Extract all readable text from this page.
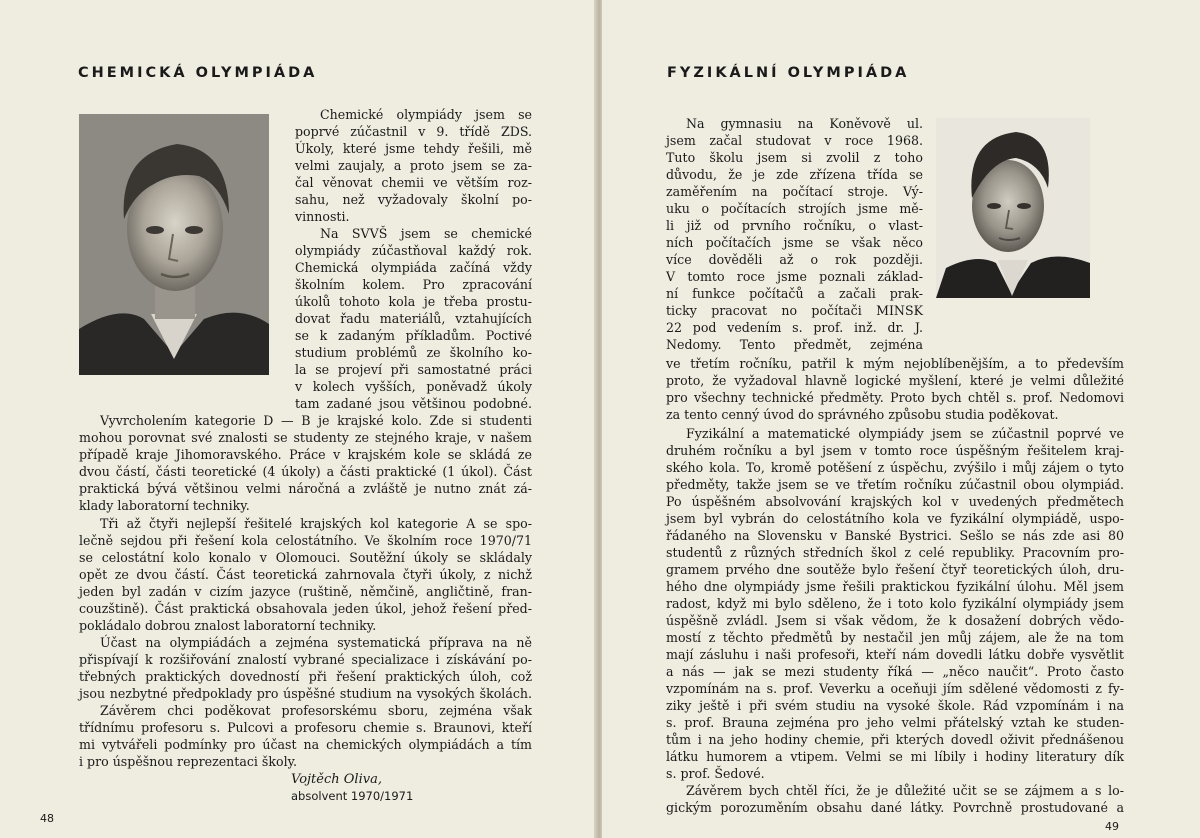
CHEMICKÁ OLYMPIÁDA
Chemické olympiády jsem se
poprvé zúčastnil v 9. třídě ZDS.
Úkoly, které jsme tehdy řešili, mě
velmi zaujaly, a proto jsem se za-
čal věnovat chemii ve větším roz-
sahu, než vyžadovaly školní po-
vinnosti.
Na SVVŠ jsem se chemické
olympiády zúčastňoval každý rok.
Chemická olympiáda začíná vždy
školním kolem. Pro zpracování
úkolů tohoto kola je třeba prostu-
dovat řadu materiálů, vztahujících
se k zadaným příkladům. Poctivé
studium problémů ze školního ko-
la se projeví při samostatné práci
v kolech vyšších, poněvadž úkoly
tam zadané jsou většinou podobné.
Vyvrcholením kategorie D — B je krajské kolo. Zde si studenti
mohou porovnat své znalosti se studenty ze stejného kraje, v našem
případě kraje Jihomoravského. Práce v krajském kole se skládá ze
dvou částí, části teoretické (4 úkoly) a části praktické (1 úkol). Část
praktická bývá většinou velmi náročná a zvláště je nutno znát zá-
klady laboratorní techniky.
Tři až čtyři nejlepší řešitelé krajských kol kategorie A se spo-
lečně sejdou při řešení kola celostátního. Ve školním roce 1970/71
se celostátní kolo konalo v Olomouci. Soutěžní úkoly se skládaly
opět ze dvou částí. Část teoretická zahrnovala čtyři úkoly, z nichž
jeden byl zadán v cizím jazyce (ruštině, němčině, angličtině, fran-
couzštině). Část praktická obsahovala jeden úkol, jehož řešení před-
pokládalo dobrou znalost laboratorní techniky.
Účast na olympiádách a zejména systematická příprava na ně
přispívají k rozšiřování znalostí vybrané specializace i získávání po-
třebných praktických dovedností při řešení praktických úloh, což
jsou nezbytné předpoklady pro úspěšné studium na vysokých školách.
Závěrem chci poděkovat profesorskému sboru, zejména však
třídnímu profesoru s. Pulcovi a profesoru chemie s. Braunovi, kteří
mi vytvářeli podmínky pro účast na chemických olympiádách a tím
i pro úspěšnou reprezentaci školy.
Vojtěch Oliva,
absolvent 1970/1971
48
FYZIKÁLNÍ OLYMPIÁDA
Na gymnasiu na Koněvově ul.
jsem začal studovat v roce 1968.
Tuto školu jsem si zvolil z toho
důvodu, že je zde zřízena třída se
zaměřením na počítací stroje. Vý-
uku o počítacích strojích jsme mě-
li již od prvního ročníku, o vlast-
ních počítačích jsme se však něco
více dověděli až o rok později.
V tomto roce jsme poznali základ-
ní funkce počítačů a začali prak-
ticky pracovat no počítači MINSK
22 pod vedením s. prof. inž. dr. J.
Nedomy. Tento předmět, zejména
ve třetím ročníku, patřil k mým nejoblíbenějším, a to především
proto, že vyžadoval hlavně logické myšlení, které je velmi důležité
pro všechny technické předměty. Proto bych chtěl s. prof. Nedomovi
za tento cenný úvod do správného způsobu studia poděkovat.
Fyzikální a matematické olympiády jsem se zúčastnil poprvé ve
druhém ročníku a byl jsem v tomto roce úspěšným řešitelem kraj-
ského kola. To, kromě potěšení z úspěchu, zvýšilo i můj zájem o tyto
předměty, takže jsem se ve třetím ročníku zúčastnil obou olympiád.
Po úspěšném absolvování krajských kol v uvedených předmětech
jsem byl vybrán do celostátního kola ve fyzikální olympiádě, uspo-
řádaného na Slovensku v Banské Bystrici. Sešlo se nás zde asi 80
studentů z různých středních škol z celé republiky. Pracovním pro-
gramem prvého dne soutěže bylo řešení čtyř teoretických úloh, dru-
hého dne olympiády jsme řešili praktickou fyzikální úlohu. Měl jsem
radost, když mi bylo sděleno, že i toto kolo fyzikální olympiády jsem
úspěšně zvládl. Jsem si však vědom, že k dosažení dobrých vědo-
mostí z těchto předmětů by nestačil jen můj zájem, ale že na tom
mají zásluhu i naši profesoři, kteří nám dovedli látku dobře vysvětlit
a nás — jak se mezi studenty říká — „něco naučit“. Proto často
vzpomínám na s. prof. Veverku a oceňuji jím sdělené vědomosti z fy-
ziky ještě i při svém studiu na vysoké škole. Rád vzpomínám i na
s. prof. Brauna zejména pro jeho velmi přátelský vztah ke studen-
tům i na jeho hodiny chemie, při kterých dovedl oživit přednášenou
látku humorem a vtipem. Velmi se mi líbily i hodiny literatury dík
s. prof. Šedové.
Závěrem bych chtěl říci, že je důležité učit se se zájmem a s lo-
gickým porozuměním obsahu dané látky. Povrchně prostudované a
49
